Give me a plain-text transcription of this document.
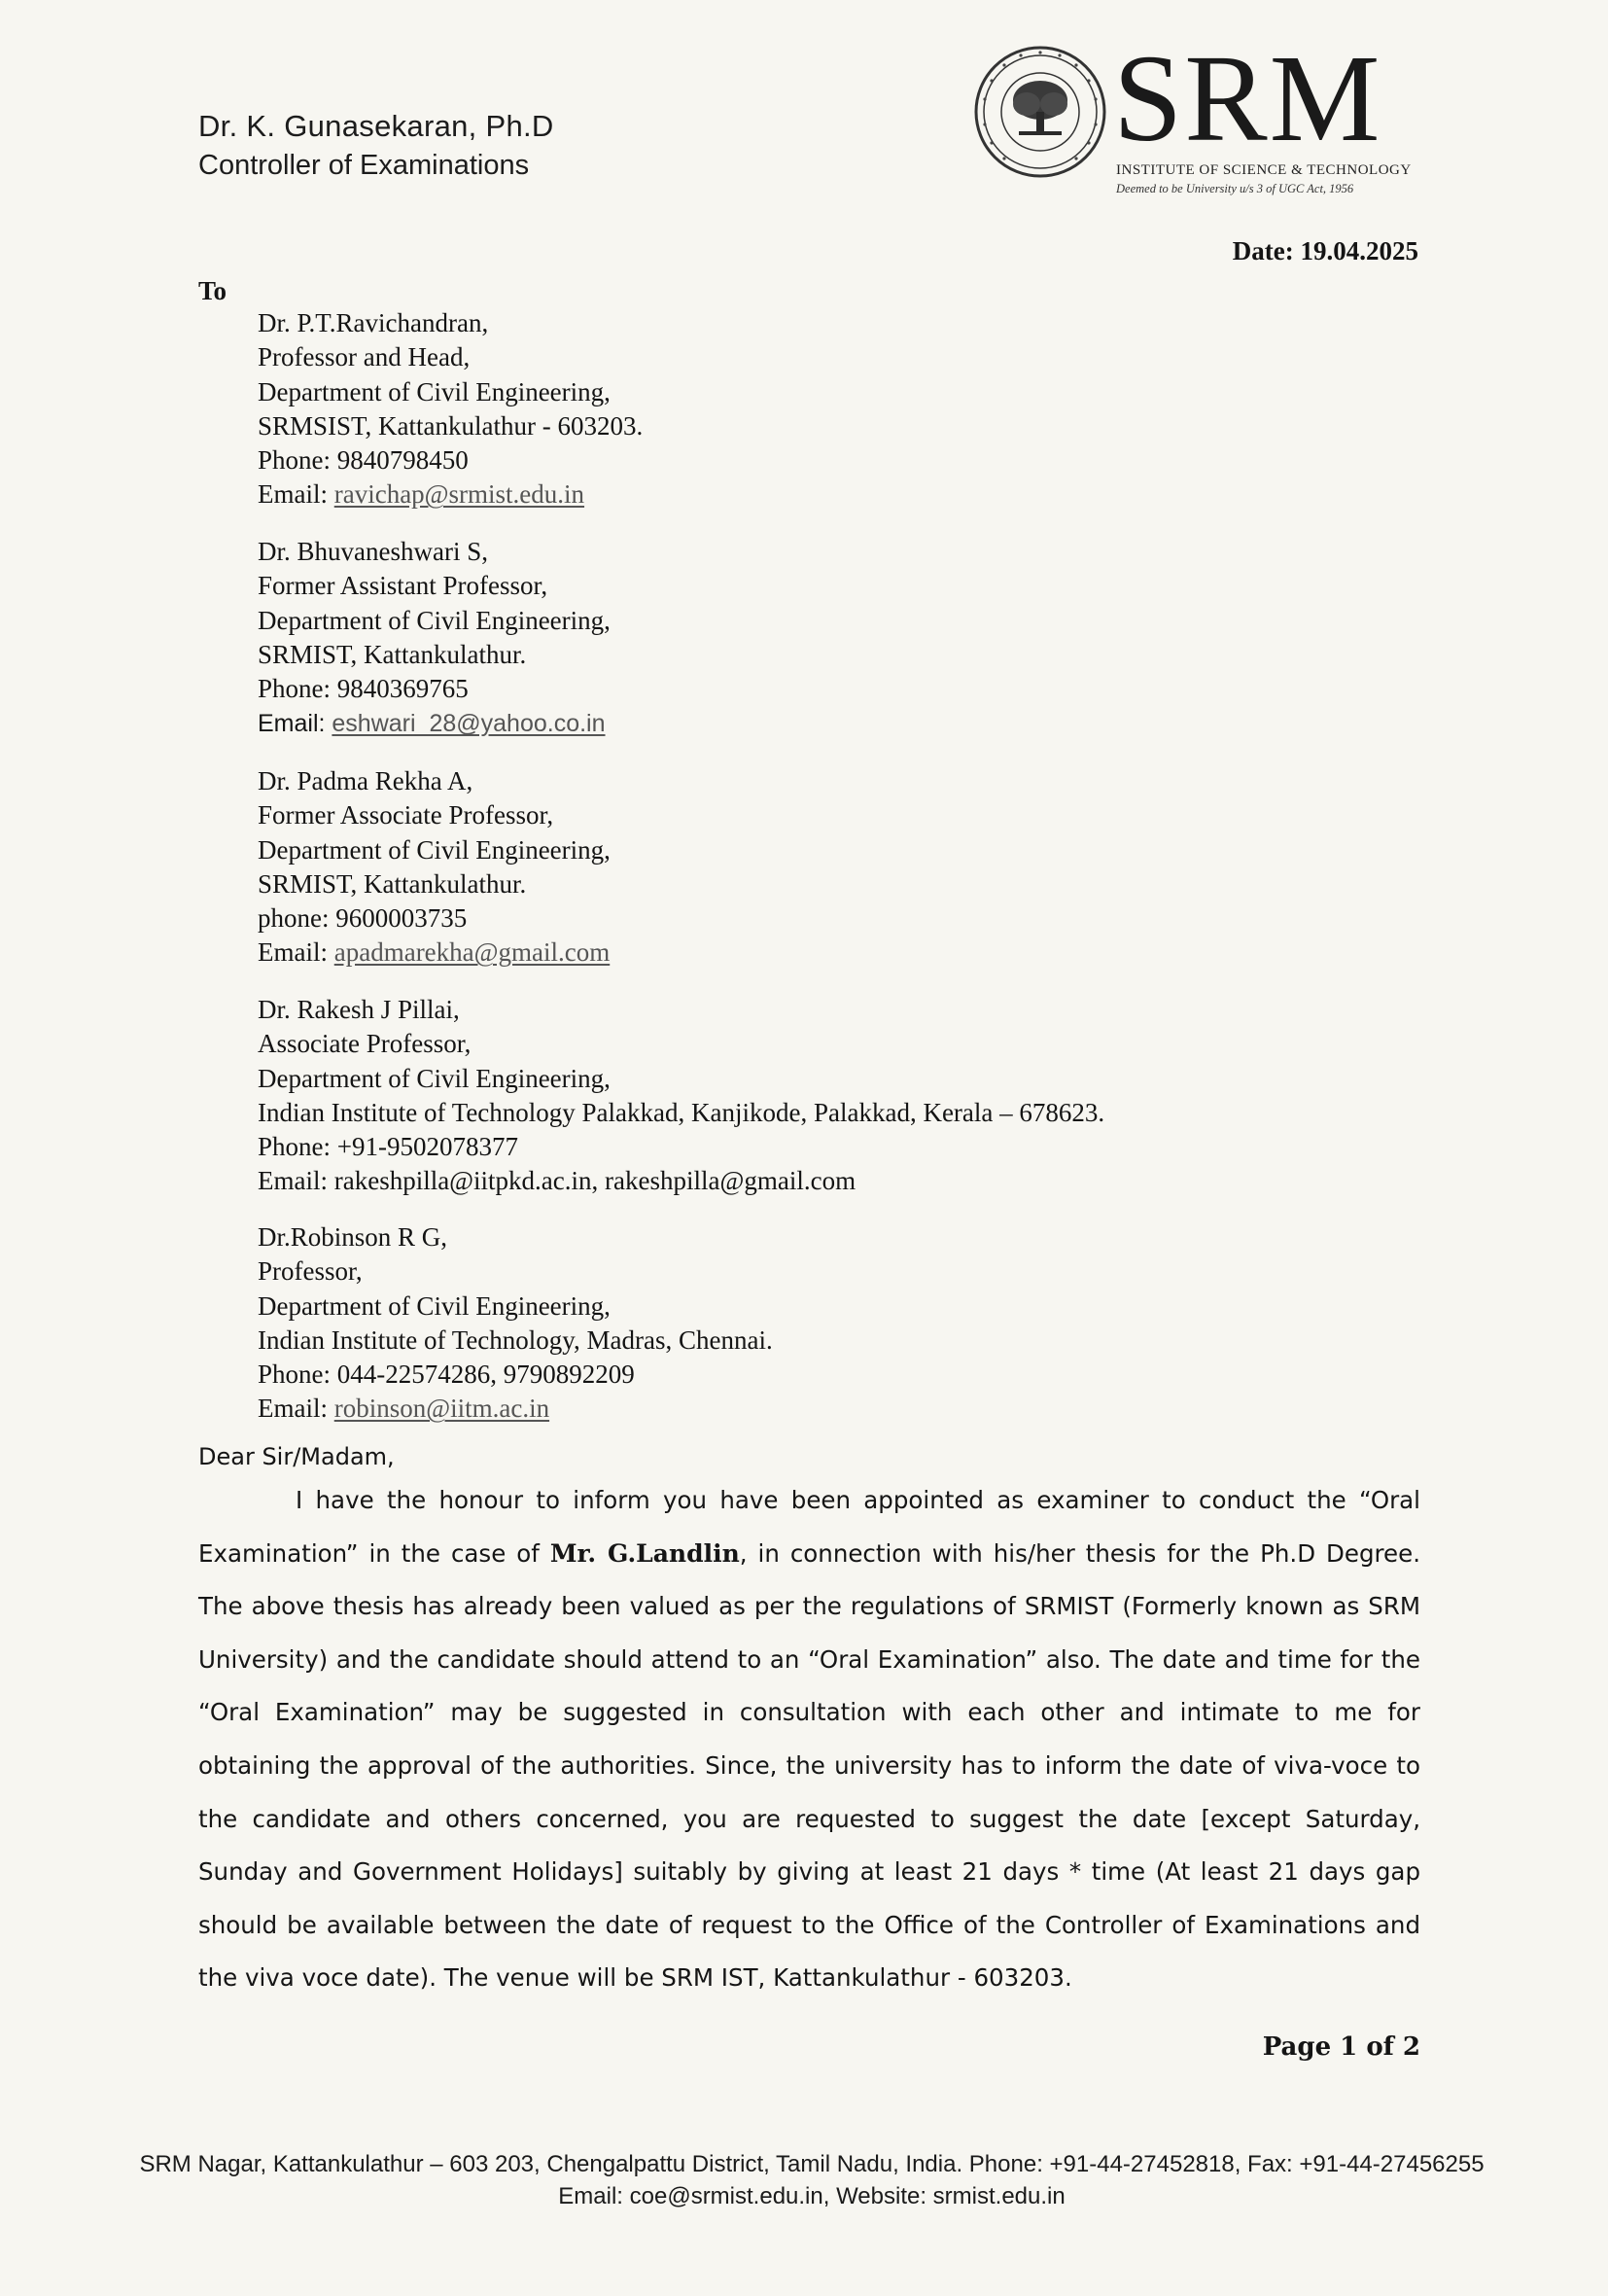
Dr. K. Gunasekaran, Ph.D
Controller of Examinations	SRM
INSTITUTE OF SCIENCE & TECHNOLOGY
Deemed to be University u/s 3 of UGC Act, 1956
Date: 19.04.2025
To
Dr. P.T.Ravichandran,
Professor and Head,
Department of Civil Engineering,
SRMSIST, Kattankulathur - 603203.
Phone: 9840798450
Email: ravichap@srmist.edu.in
Dr. Bhuvaneshwari S,
Former Assistant Professor,
Department of Civil Engineering,
SRMIST, Kattankulathur.
Phone: 9840369765
Email: eshwari_28@yahoo.co.in
Dr. Padma Rekha A,
Former Associate Professor,
Department of Civil Engineering,
SRMIST, Kattankulathur.
phone: 9600003735
Email: apadmarekha@gmail.com
Dr. Rakesh J Pillai,
Associate Professor,
Department of Civil Engineering,
Indian Institute of Technology Palakkad, Kanjikode, Palakkad, Kerala – 678623.
Phone: +91-9502078377
Email: rakeshpilla@iitpkd.ac.in, rakeshpilla@gmail.com
Dr.Robinson R G,
Professor,
Department of Civil Engineering,
Indian Institute of Technology, Madras, Chennai.
Phone: 044-22574286, 9790892209
Email: robinson@iitm.ac.in
Dear Sir/Madam,
I have the honour to inform you have been appointed as examiner to conduct the “Oral Examination” in the case of Mr. G.Landlin, in connection with his/her thesis for the Ph.D Degree. The above thesis has already been valued as per the regulations of SRMIST (Formerly known as SRM University) and the candidate should attend to an “Oral Examination” also. The date and time for the “Oral Examination” may be suggested in consultation with each other and intimate to me for obtaining the approval of the authorities. Since, the university has to inform the date of viva-voce to the candidate and others concerned, you are requested to suggest the date [except Saturday, Sunday and Government Holidays] suitably by giving at least 21 days * time (At least 21 days gap should be available between the date of request to the Office of the Controller of Examinations and the viva voce date). The venue will be SRM IST, Kattankulathur - 603203.
Page 1 of 2
SRM Nagar, Kattankulathur – 603 203, Chengalpattu District, Tamil Nadu, India. Phone: +91-44-27452818, Fax: +91-44-27456255
Email: coe@srmist.edu.in, Website: srmist.edu.in
